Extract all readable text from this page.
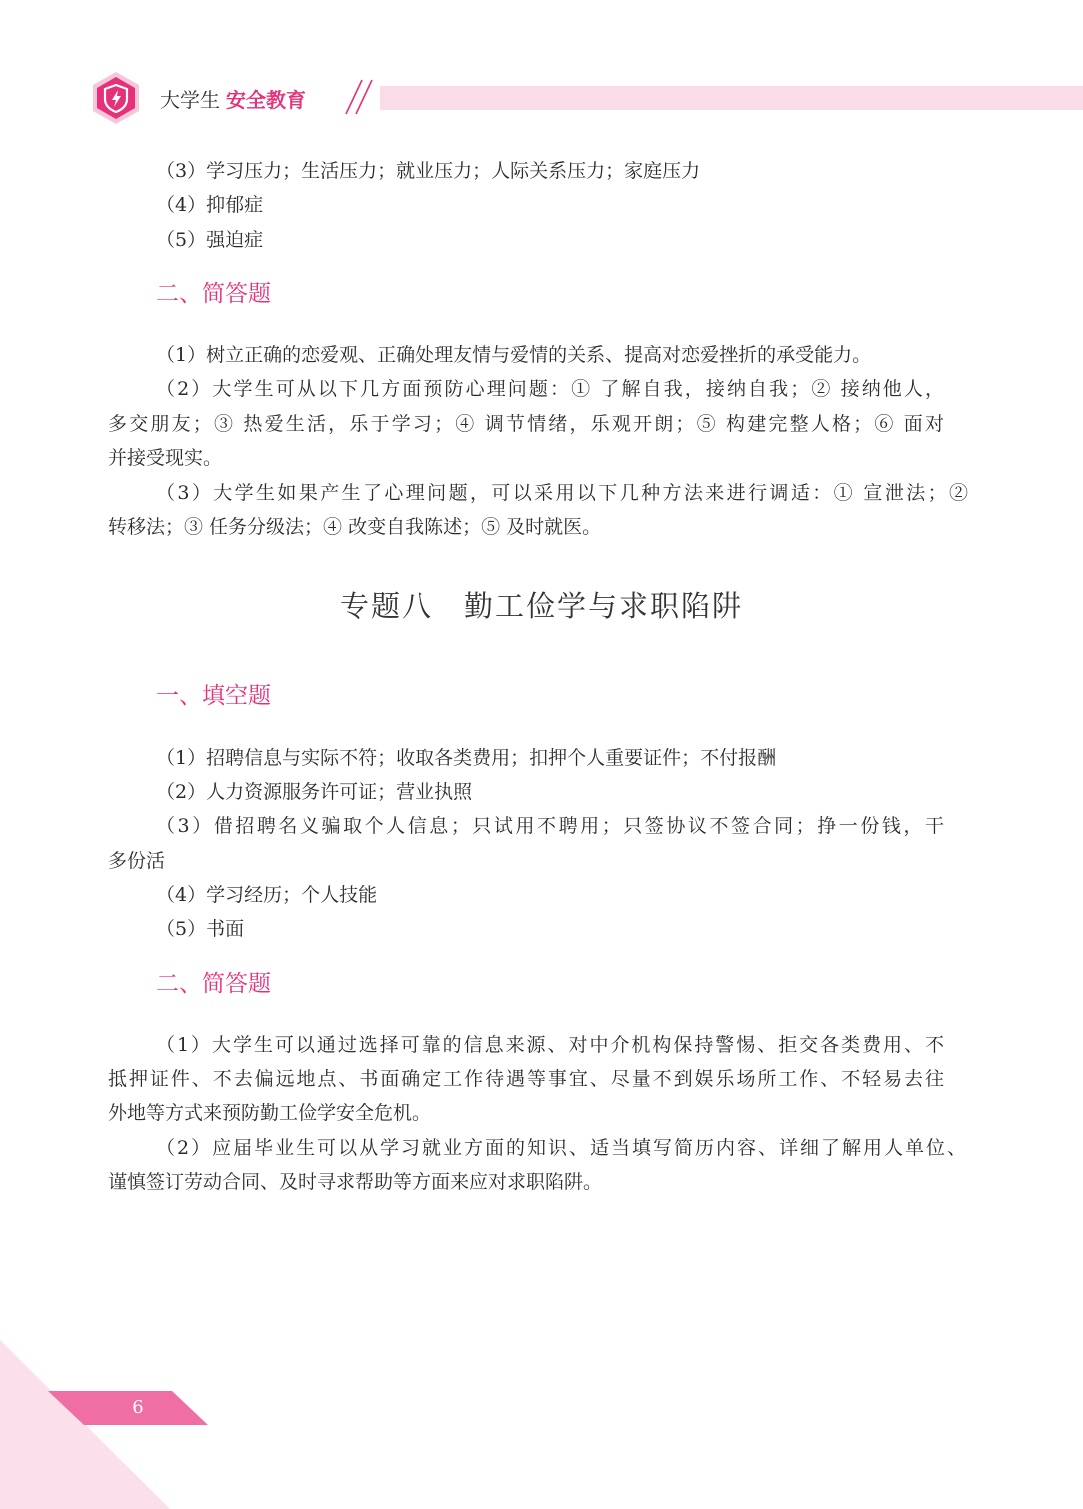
大学生 安全教育
（3）学习压力；生活压力；就业压力；人际关系压力；家庭压力
（4）抑郁症
（5）强迫症
二、简答题
（1）树立正确的恋爱观、正确处理友情与爱情的关系、提高对恋爱挫折的承受能力。
（2）大学生可从以下几方面预防心理问题：① 了解自我，接纳自我；② 接纳他人，
多交朋友；③ 热爱生活，乐于学习；④ 调节情绪，乐观开朗；⑤ 构建完整人格；⑥ 面对
并接受现实。
（3）大学生如果产生了心理问题，可以采用以下几种方法来进行调适：① 宣泄法；②
转移法；③ 任务分级法；④ 改变自我陈述；⑤ 及时就医。
专题八　勤工俭学与求职陷阱
一、填空题
（1）招聘信息与实际不符；收取各类费用；扣押个人重要证件；不付报酬
（2）人力资源服务许可证；营业执照
（3）借招聘名义骗取个人信息；只试用不聘用；只签协议不签合同；挣一份钱，干
多份活
（4）学习经历；个人技能
（5）书面
二、简答题
（1）大学生可以通过选择可靠的信息来源、对中介机构保持警惕、拒交各类费用、不
抵押证件、不去偏远地点、书面确定工作待遇等事宜、尽量不到娱乐场所工作、不轻易去往
外地等方式来预防勤工俭学安全危机。
（2）应届毕业生可以从学习就业方面的知识、适当填写简历内容、详细了解用人单位、
谨慎签订劳动合同、及时寻求帮助等方面来应对求职陷阱。
6
